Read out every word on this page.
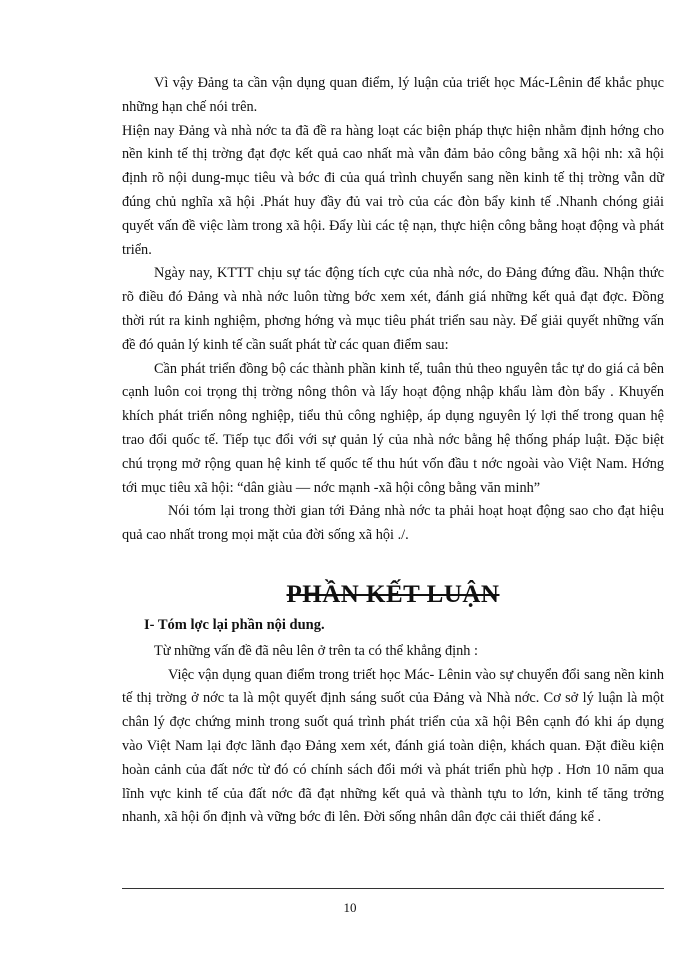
Vì vậy Đảng ta cần vận dụng quan điểm, lý luận của triết học Mác-Lênin để khắc phục những hạn chế nói trên.

Hiện nay Đảng và nhà nớc ta đã đề ra hàng loạt các biện pháp thực hiện nhằm định hớng cho nền kinh tế thị trờng đạt đợc kết quả cao nhất mà vẫn đảm bảo công bằng xã hội nh: xã hội định rõ nội dung-mục tiêu và bớc đi của quá trình chuyển sang nền kinh tế thị trờng vẫn dữ đúng chủ nghĩa xã hội .Phát huy đầy đủ vai trò của các đòn bẩy kinh tế .Nhanh chóng giải quyết vấn đề việc làm trong xã hội. Đẩy lùi các tệ nạn, thực hiện công bằng hoạt động và phát triển.

Ngày nay, KTTT chịu sự tác động tích cực của nhà nớc, do Đảng đứng đầu. Nhận thức rõ điều đó Đảng và nhà nớc luôn từng bớc xem xét, đánh giá những kết quả đạt đợc. Đồng thời rút ra kinh nghiệm, phơng hớng và mục tiêu phát triển sau này. Để giải quyết những vấn đề đó quản lý kinh tế cần suất phát từ các quan điểm sau:

Cần phát triển đồng bộ các thành phần kinh tế, tuân thủ theo nguyên tắc tự do giá cả bên cạnh luôn coi trọng thị trờng nông thôn và lấy hoạt động nhập khẩu làm đòn bẩy . Khuyến khích phát triển nông nghiệp, tiểu thủ công nghiệp, áp dụng nguyên lý lợi thế trong quan hệ trao đổi quốc tế. Tiếp tục đổi với sự quản lý của nhà nớc bằng hệ thống pháp luật. Đặc biệt chú trọng mở rộng quan hệ kinh tế quốc tế thu hút vốn đầu t nớc ngoài vào Việt Nam. Hớng tới mục tiêu xã hội: “dân giàu — nớc mạnh -xã hội công bằng văn minh”

Nói tóm lại trong thời gian tới Đảng nhà nớc ta phải hoạt hoạt động sao cho đạt hiệu quả cao nhất trong mọi mặt của đời sống xã hội ./.

PHẦN KẾT LUẬN
I- Tóm lợc lại phần nội dung.

Từ những vấn đề đã nêu lên ở trên ta có thể khẳng định :

Việc vận dụng quan điểm trong triết học Mác- Lênin vào sự chuyển đổi sang nền kinh tế thị trờng ở nớc ta là một quyết định sáng suốt của Đảng và Nhà nớc. Cơ sở lý luận là một chân lý đợc chứng minh trong suốt quá trình phát triển của xã hội Bên cạnh đó khi áp dụng vào Việt Nam lại đợc lãnh đạo Đảng xem xét, đánh giá toàn diện, khách quan. Đặt điều kiện hoàn cảnh của đất nớc từ đó có chính sách đổi mới và phát triển phù hợp . Hơn 10 năm qua lĩnh vực kinh tế của đất nớc đã đạt những kết quả và thành tựu to lớn, kinh tế tăng trởng nhanh, xã hội ổn định và vững bớc đi lên. Đời sống nhân dân đợc cải thiết đáng kể .

10
